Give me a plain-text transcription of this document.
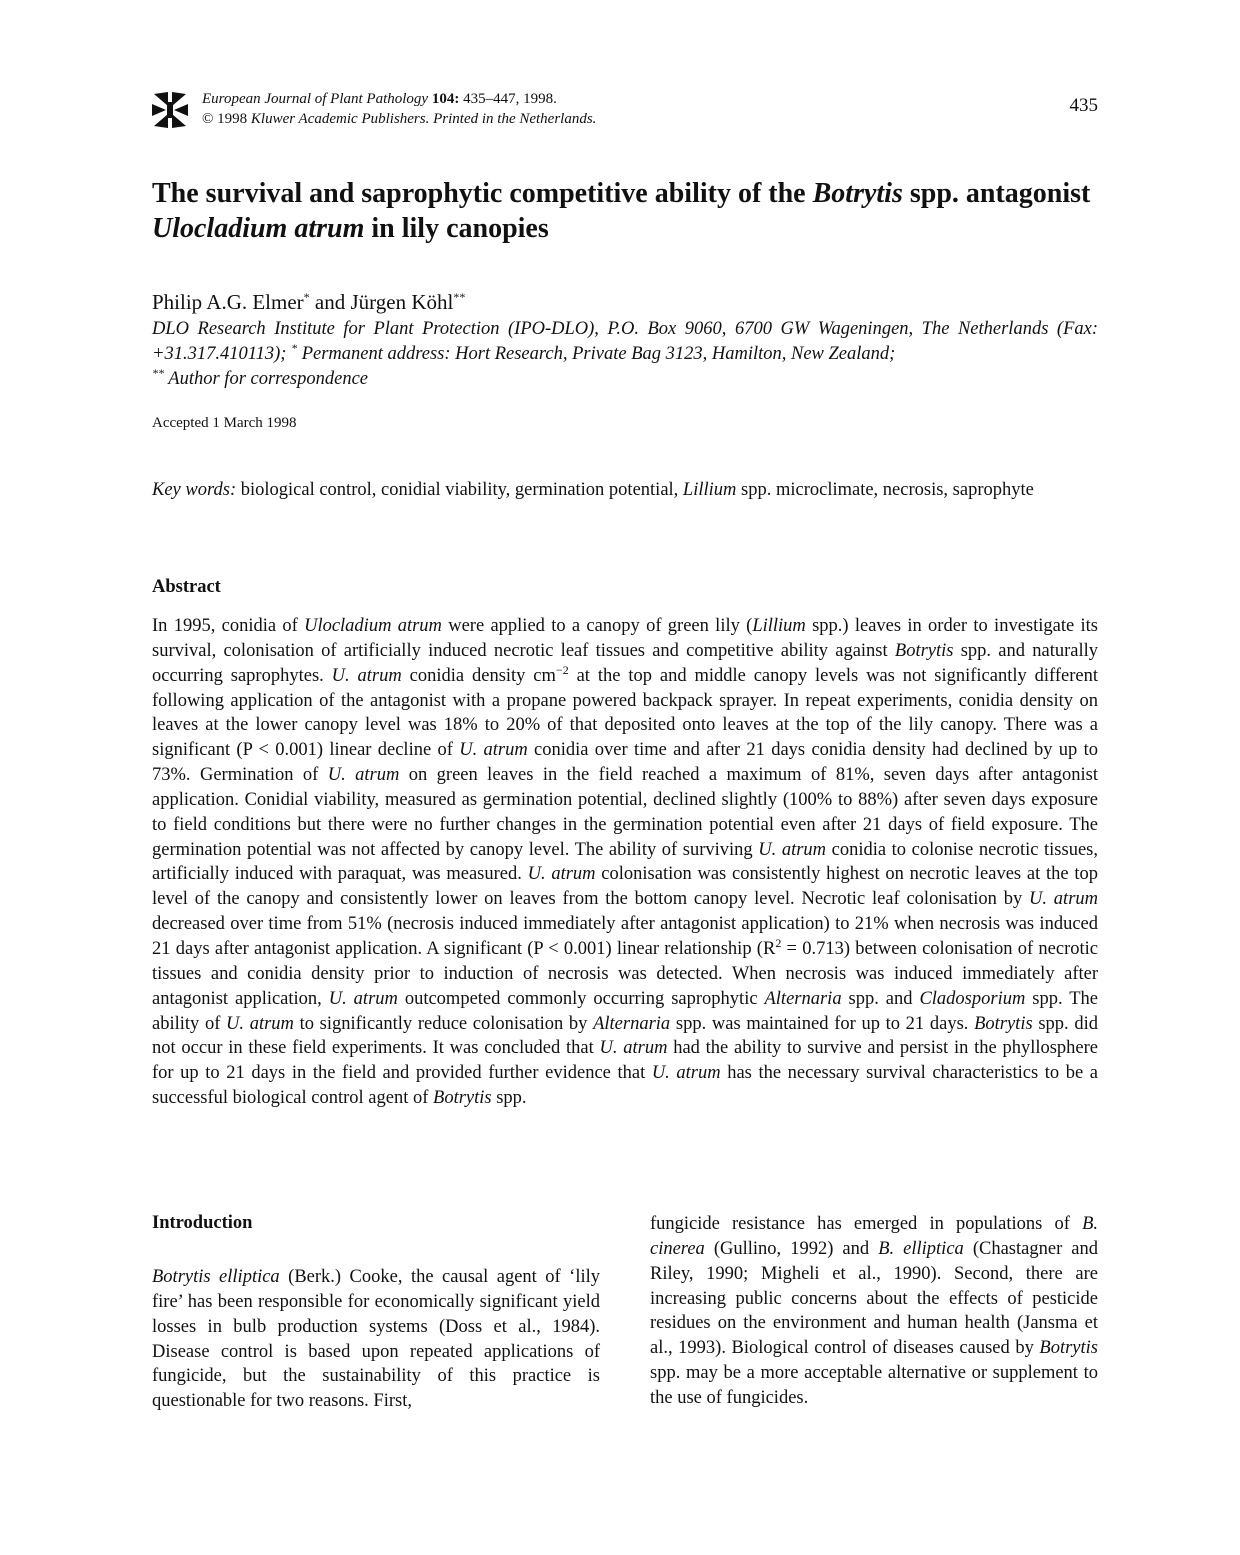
European Journal of Plant Pathology 104: 435–447, 1998.
© 1998 Kluwer Academic Publishers. Printed in the Netherlands.
435
The survival and saprophytic competitive ability of the Botrytis spp. antagonist
Ulocladium atrum in lily canopies
Philip A.G. Elmer* and Jürgen Köhl**
DLO Research Institute for Plant Protection (IPO-DLO), P.O. Box 9060, 6700 GW Wageningen, The Netherlands (Fax: +31.317.410113); * Permanent address: Hort Research, Private Bag 3123, Hamilton, New Zealand;
** Author for correspondence
Accepted 1 March 1998
Key words: biological control, conidial viability, germination potential, Lillium spp. microclimate, necrosis, saprophyte
Abstract

In 1995, conidia of Ulocladium atrum were applied to a canopy of green lily (Lillium spp.) leaves in order to investigate its survival, colonisation of artificially induced necrotic leaf tissues and competitive ability against Botrytis spp. and naturally occurring saprophytes. U. atrum conidia density $cm^{-2}$ at the top and middle canopy levels was not significantly different following application of the antagonist with a propane powered backpack sprayer. In repeat experiments, conidia density on leaves at the lower canopy level was 18% to 20% of that deposited onto leaves at the top of the lily canopy. There was a significant (P < 0.001) linear decline of U. atrum conidia over time and after 21 days conidia density had declined by up to 73%. Germination of U. atrum on green leaves in the field reached a maximum of 81%, seven days after antagonist application. Conidial viability, measured as germination potential, declined slightly (100% to 88%) after seven days exposure to field conditions but there were no further changes in the germination potential even after 21 days of field exposure. The germination potential was not affected by canopy level. The ability of surviving U. atrum conidia to colonise necrotic tissues, artificially induced with paraquat, was measured. U. atrum colonisation was consistently highest on necrotic leaves at the top level of the canopy and consistently lower on leaves from the bottom canopy level. Necrotic leaf colonisation by U. atrum decreased over time from 51% (necrosis induced immediately after antagonist application) to 21% when necrosis was induced 21 days after antagonist application. A significant (P < 0.001) linear relationship $(R^2 = 0.713)$ between colonisation of necrotic tissues and conidia density prior to induction of necrosis was detected. When necrosis was induced immediately after antagonist application, U. atrum outcompeted commonly occurring saprophytic Alternaria spp. and Cladosporium spp. The ability of U. atrum to significantly reduce colonisation by Alternaria spp. was maintained for up to 21 days. Botrytis spp. did not occur in these field experiments. It was concluded that U. atrum had the ability to survive and persist in the phyllosphere for up to 21 days in the field and provided further evidence that U. atrum has the necessary survival characteristics to be a successful biological control agent of Botrytis spp.

Introduction

Botrytis elliptica (Berk.) Cooke, the causal agent of ‘lily fire’ has been responsible for economically significant yield losses in bulb production systems (Doss et al., 1984). Disease control is based upon repeated applications of fungicide, but the sustainability of this practice is questionable for two reasons. First,

fungicide resistance has emerged in populations of B. cinerea (Gullino, 1992) and B. elliptica (Chastagner and Riley, 1990; Migheli et al., 1990). Second, there are increasing public concerns about the effects of pesticide residues on the environment and human health (Jansma et al., 1993). Biological control of diseases caused by Botrytis spp. may be a more acceptable alternative or supplement to the use of fungicides.
